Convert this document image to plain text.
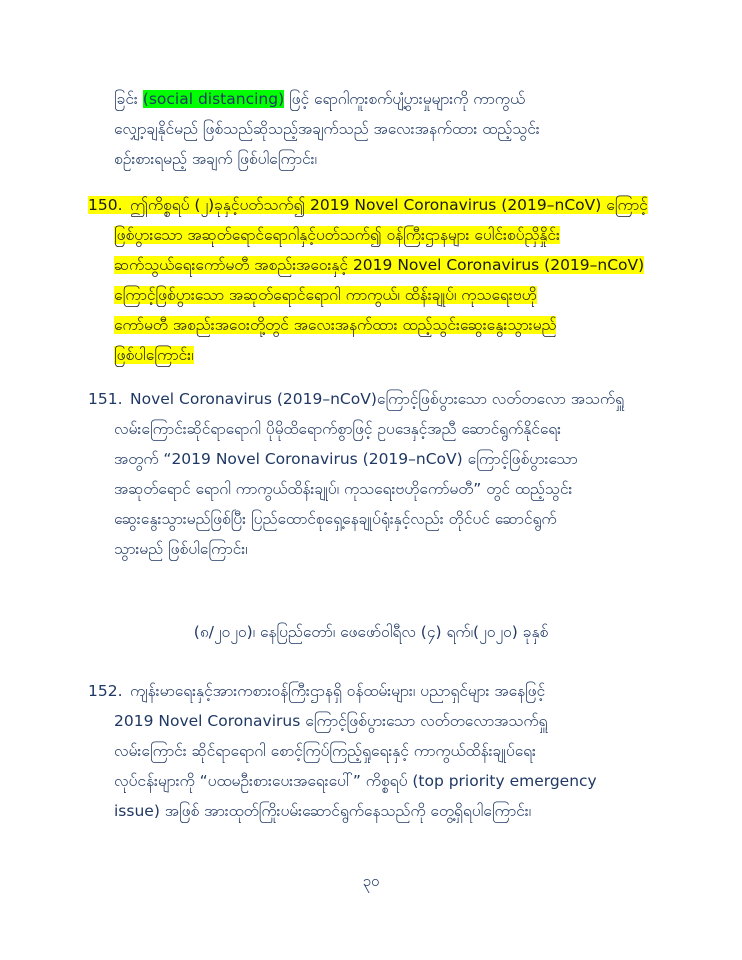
ခြင်း (social distancing) ဖြင့် ရောဂါကူးစက်ပျံ့ပွားမှုများကို ကာကွယ်
လျှော့ချနိုင်မည် ဖြစ်သည်ဆိုသည့်အချက်သည် အလေးအနက်ထား ထည့်သွင်း
စဉ်းစားရမည့် အချက် ဖြစ်ပါကြောင်း၊
150. ဤကိစ္စရပ် (၂)ခုနှင့်ပတ်သက်၍ 2019 Novel Coronavirus (2019–nCoV) ကြောင့်
ဖြစ်ပွားသော အဆုတ်ရောင်ရောဂါနှင့်ပတ်သက်၍ ဝန်ကြီးဌာနများ ပေါင်းစပ်ညှိနှိုင်း
ဆက်သွယ်ရေးကော်မတီ အစည်းအဝေးနှင့် 2019 Novel Coronavirus (2019–nCoV)
ကြောင့်ဖြစ်ပွားသော အဆုတ်ရောင်ရောဂါ ကာကွယ်၊ ထိန်းချုပ်၊ ကုသရေးဗဟို
ကော်မတီ အစည်းအဝေးတို့တွင် အလေးအနက်ထား ထည့်သွင်းဆွေးနွေးသွားမည်
ဖြစ်ပါကြောင်း၊
151. Novel Coronavirus (2019–nCoV)ကြောင့်ဖြစ်ပွားသော လတ်တလော အသက်ရှူ
လမ်းကြောင်းဆိုင်ရာရောဂါ ပိုမိုထိရောက်စွာဖြင့် ဥပဒေနှင့်အညီ ဆောင်ရွက်နိုင်ရေး
အတွက် “2019 Novel Coronavirus (2019–nCoV) ကြောင့်ဖြစ်ပွားသော
အဆုတ်ရောင် ရောဂါ ကာကွယ်ထိန်းချုပ်၊ ကုသရေးဗဟိုကော်မတီ” တွင် ထည့်သွင်း
ဆွေးနွေးသွားမည်ဖြစ်ပြီး ပြည်ထောင်စုရှေ့နေချုပ်ရုံးနှင့်လည်း တိုင်ပင် ဆောင်ရွက်
သွားမည် ဖြစ်ပါကြောင်း၊
(၈/၂၀၂၀)၊ နေပြည်တော်၊ ဖေဖော်ဝါရီလ (၄) ရက်၊(၂၀၂၀) ခုနှစ်
152. ကျန်းမာရေးနှင့်အားကစားဝန်ကြီးဌာနရှိ ဝန်ထမ်းများ၊ ပညာရှင်များ အနေဖြင့်
2019 Novel Coronavirus ကြောင့်ဖြစ်ပွားသော လတ်တလောအသက်ရှူ
လမ်းကြောင်း ဆိုင်ရာရောဂါ စောင့်ကြပ်ကြည့်ရှုရေးနှင့် ကာကွယ်ထိန်းချုပ်ရေး
လုပ်ငန်းများကို “ပထမဦးစားပေးအရေးပေါ်” ကိစ္စရပ် (top priority emergency
issue) အဖြစ် အားထုတ်ကြိုးပမ်းဆောင်ရွက်နေသည်ကို တွေ့ရှိရပါကြောင်း၊
၃၀
